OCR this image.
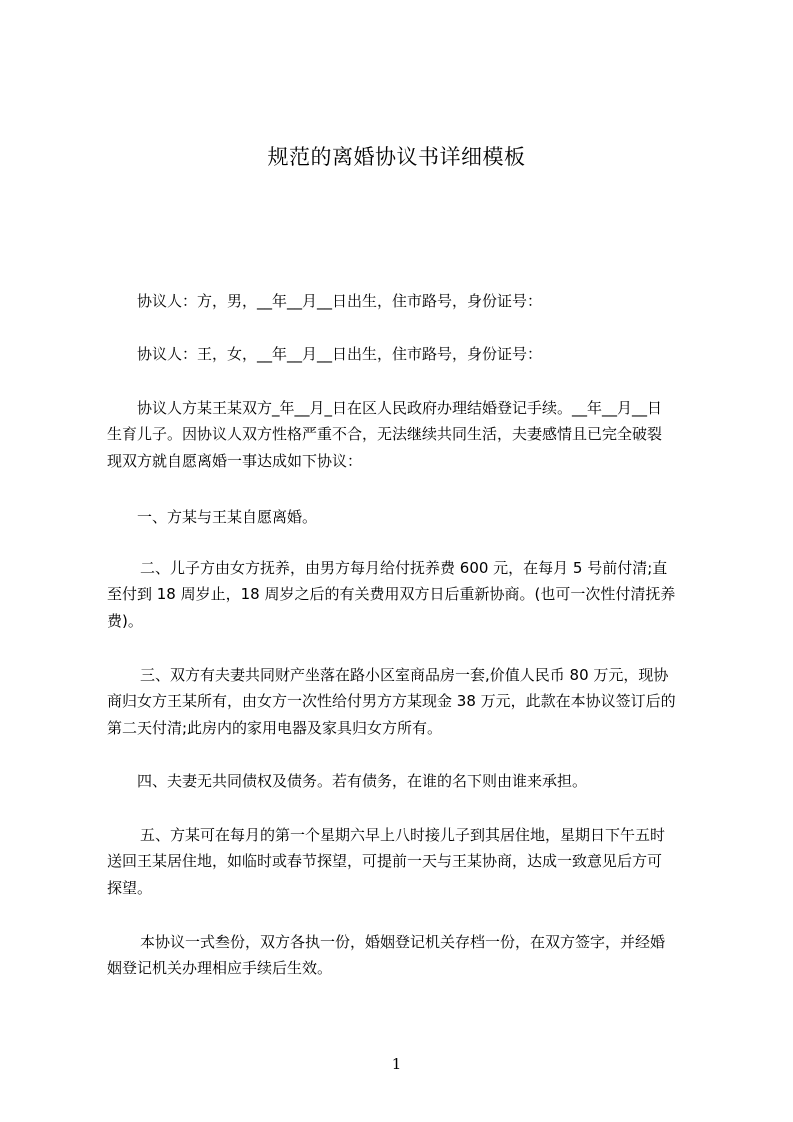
规范的离婚协议书详细模板
协议人：方，男，__年__月__日出生，住市路号，身份证号：
协议人：王，女，__年__月__日出生，住市路号，身份证号：
协议人方某王某双方_年__月_日在区人民政府办理结婚登记手续。__年__月__日
生育儿子。因协议人双方性格严重不合，无法继续共同生活，夫妻感情且已完全破裂
现双方就自愿离婚一事达成如下协议：
一、方某与王某自愿离婚。
二、儿子方由女方抚养，由男方每月给付抚养费 600 元，在每月 5 号前付清;直
至付到 18 周岁止，18 周岁之后的有关费用双方日后重新协商。(也可一次性付清抚养
费)。
三、双方有夫妻共同财产坐落在路小区室商品房一套,价值人民币 80 万元，现协
商归女方王某所有，由女方一次性给付男方方某现金 38 万元，此款在本协议签订后的
第二天付清;此房内的家用电器及家具归女方所有。
四、夫妻无共同债权及债务。若有债务，在谁的名下则由谁来承担。
五、方某可在每月的第一个星期六早上八时接儿子到其居住地，星期日下午五时
送回王某居住地，如临时或春节探望，可提前一天与王某协商，达成一致意见后方可
探望。
本协议一式叁份，双方各执一份，婚姻登记机关存档一份，在双方签字，并经婚
姻登记机关办理相应手续后生效。
1
